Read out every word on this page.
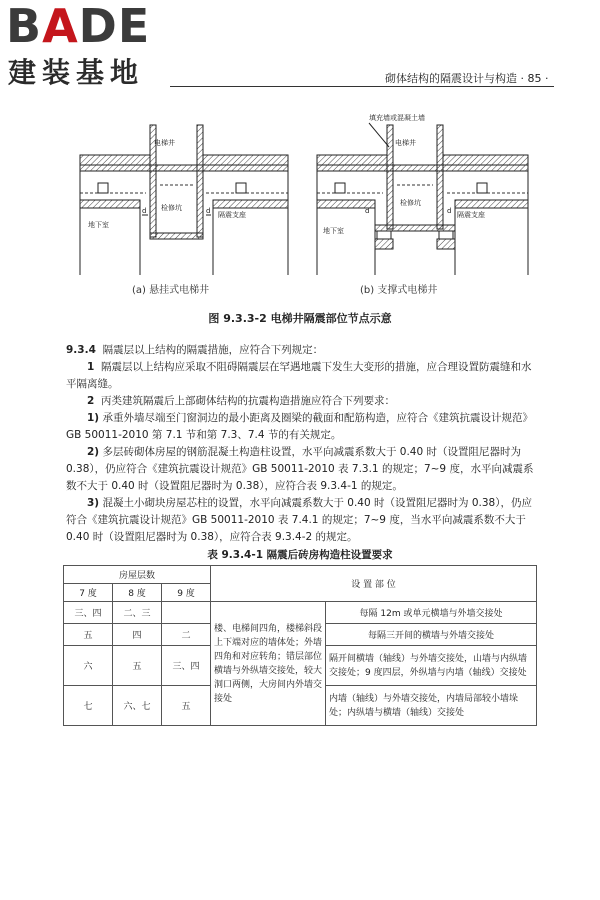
BADE
建装基地	砌体结构的隔震设计与构造 · 85 ·
电梯井
检修坑
隔震支座
地下室
d	d
(a) 悬挂式电梯井
填充墙或混凝土墙
电梯井
检修坑
隔震支座
地下室
d	d
(b) 支撑式电梯井
图 9.3.3-2 电梯井隔震部位节点示意

9.3.4 隔震层以上结构的隔震措施，应符合下列规定：

1 隔震层以上结构应采取不阻碍隔震层在罕遇地震下发生大变形的措施，应合理设置防震缝和水平隔离缝。

2 丙类建筑隔震后上部砌体结构的抗震构造措施应符合下列要求：

1) 承重外墙尽端至门窗洞边的最小距离及圈梁的截面和配筋构造，应符合《建筑抗震设计规范》GB 50011-2010 第 7.1 节和第 7.3、7.4 节的有关规定。

2) 多层砖砌体房屋的钢筋混凝土构造柱设置，水平向减震系数大于 0.40 时（设置阻尼器时为 0.38），仍应符合《建筑抗震设计规范》GB 50011-2010 表 7.3.1 的规定；7~9 度，水平向减震系数不大于 0.40 时（设置阻尼器时为 0.38），应符合表 9.3.4-1 的规定。

3) 混凝土小砌块房屋芯柱的设置，水平向减震系数大于 0.40 时（设置阻尼器时为 0.38），仍应符合《建筑抗震设计规范》GB 50011-2010 表 7.4.1 的规定；7~9 度，当水平向减震系数不大于 0.40 时（设置阻尼器时为 0.38），应符合表 9.3.4-2 的规定。

表 9.3.4-1 隔震后砖房构造柱设置要求
房屋层数			设 置 部 位	
7 度	8 度	9 度		
三、四	二、三		楼、电梯间四角，楼梯斜段上下端对应的墙体处；外墙四角和对应转角；错层部位横墙与外纵墙交接处，较大洞口两侧，大房间内外墙交接处	每隔 12m 或单元横墙与外墙交接处
五	四	二		每隔三开间的横墙与外墙交接处
六	五	三、四		隔开间横墙（轴线）与外墙交接处，山墙与内纵墙交接处；9 度四层，外纵墙与内墙（轴线）交接处
七	六、七	五		内墙（轴线）与外墙交接处，内墙局部较小墙垛处；内纵墙与横墙（轴线）交接处
